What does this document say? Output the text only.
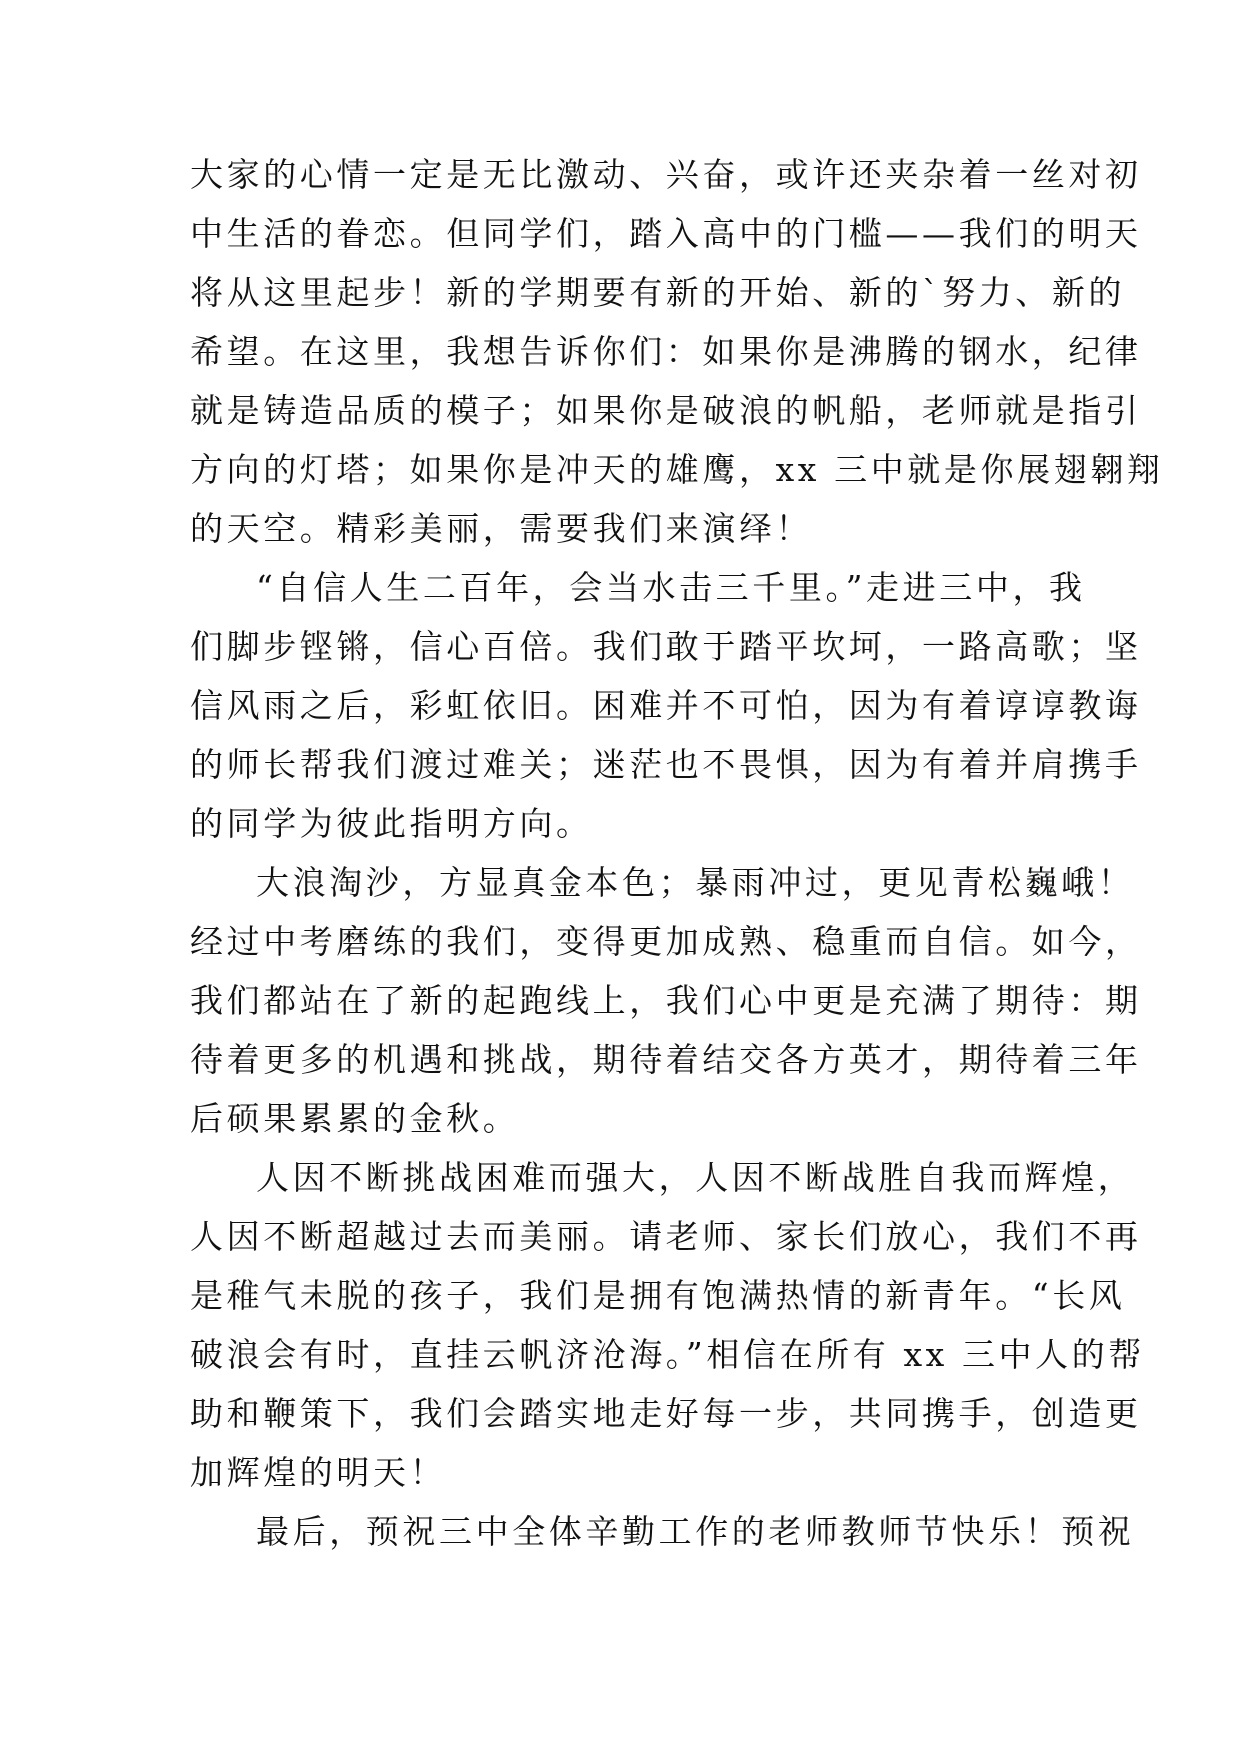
大家的心情一定是无比激动、兴奋，或许还夹杂着一丝对初
中生活的眷恋。但同学们，踏入高中的门槛——我们的明天
将从这里起步！新的学期要有新的开始、新的`努力、新的
希望。在这里，我想告诉你们：如果你是沸腾的钢水，纪律
就是铸造品质的模子；如果你是破浪的帆船，老师就是指引
方向的灯塔；如果你是冲天的雄鹰，xx 三中就是你展翅翱翔
的天空。精彩美丽，需要我们来演绎！
“自信人生二百年，会当水击三千里。”走进三中，我
们脚步铿锵，信心百倍。我们敢于踏平坎坷，一路高歌；坚
信风雨之后，彩虹依旧。困难并不可怕，因为有着谆谆教诲
的师长帮我们渡过难关；迷茫也不畏惧，因为有着并肩携手
的同学为彼此指明方向。
大浪淘沙，方显真金本色；暴雨冲过，更见青松巍峨！
经过中考磨练的我们，变得更加成熟、稳重而自信。如今，
我们都站在了新的起跑线上，我们心中更是充满了期待：期
待着更多的机遇和挑战，期待着结交各方英才，期待着三年
后硕果累累的金秋。
人因不断挑战困难而强大，人因不断战胜自我而辉煌，
人因不断超越过去而美丽。请老师、家长们放心，我们不再
是稚气未脱的孩子，我们是拥有饱满热情的新青年。“长风
破浪会有时，直挂云帆济沧海。”相信在所有 xx 三中人的帮
助和鞭策下，我们会踏实地走好每一步，共同携手，创造更
加辉煌的明天！
最后，预祝三中全体辛勤工作的老师教师节快乐！预祝
